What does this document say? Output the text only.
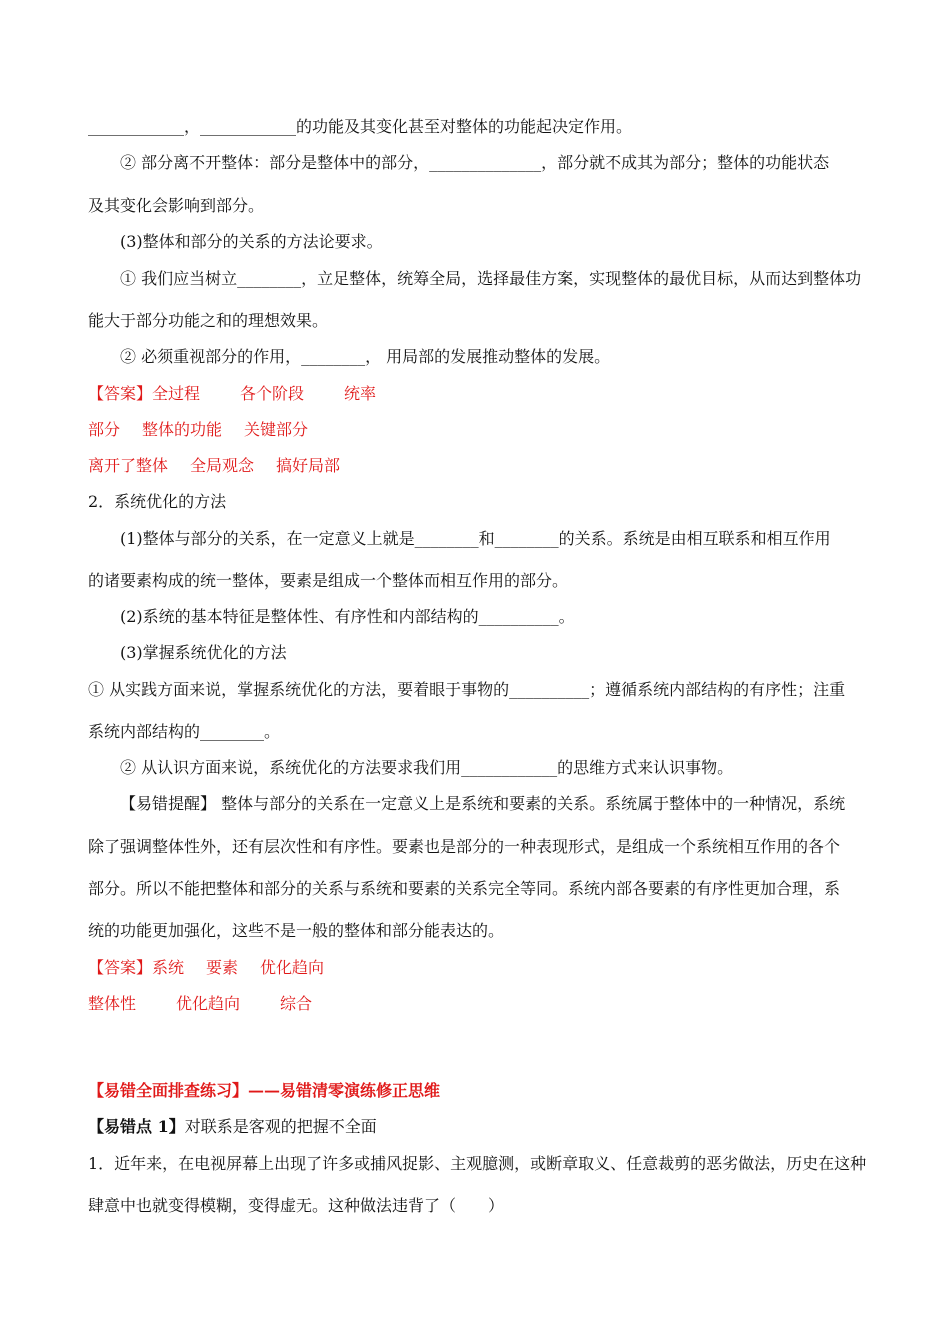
____________，____________的功能及其变化甚至对整体的功能起决定作用。
② 部分离不开整体：部分是整体中的部分，______________，部分就不成其为部分；整体的功能状态
及其变化会影响到部分。
(3)整体和部分的关系的方法论要求。
① 我们应当树立________，立足整体，统筹全局，选择最佳方案，实现整体的最优目标，从而达到整体功
能大于部分功能之和的理想效果。
② 必须重视部分的作用，________， 用局部的发展推动整体的发展。
【答案】全过程	各个阶段	统率
部分 整体的功能 关键部分
离开了整体 全局观念 搞好局部
2．系统优化的方法
(1)整体与部分的关系，在一定意义上就是________和________的关系。系统是由相互联系和相互作用
的诸要素构成的统一整体，要素是组成一个整体而相互作用的部分。
(2)系统的基本特征是整体性、有序性和内部结构的__________。
(3)掌握系统优化的方法
① 从实践方面来说，掌握系统优化的方法，要着眼于事物的__________；遵循系统内部结构的有序性；注重
系统内部结构的________。
② 从认识方面来说，系统优化的方法要求我们用____________的思维方式来认识事物。
【易错提醒】 整体与部分的关系在一定意义上是系统和要素的关系。系统属于整体中的一种情况，系统
除了强调整体性外，还有层次性和有序性。要素也是部分的一种表现形式，是组成一个系统相互作用的各个
部分。所以不能把整体和部分的关系与系统和要素的关系完全等同。系统内部各要素的有序性更加合理，系
统的功能更加强化，这些不是一般的整体和部分能表达的。
【答案】系统 要素 优化趋向
整体性	优化趋向	综合
【易错全面排查练习】——易错清零演练修正思维
【易错点 1】对联系是客观的把握不全面
1．近年来，在电视屏幕上出现了许多或捕风捉影、主观臆测，或断章取义、任意裁剪的恶劣做法，历史在这种
肆意中也就变得模糊，变得虚无。这种做法违背了（　　）
